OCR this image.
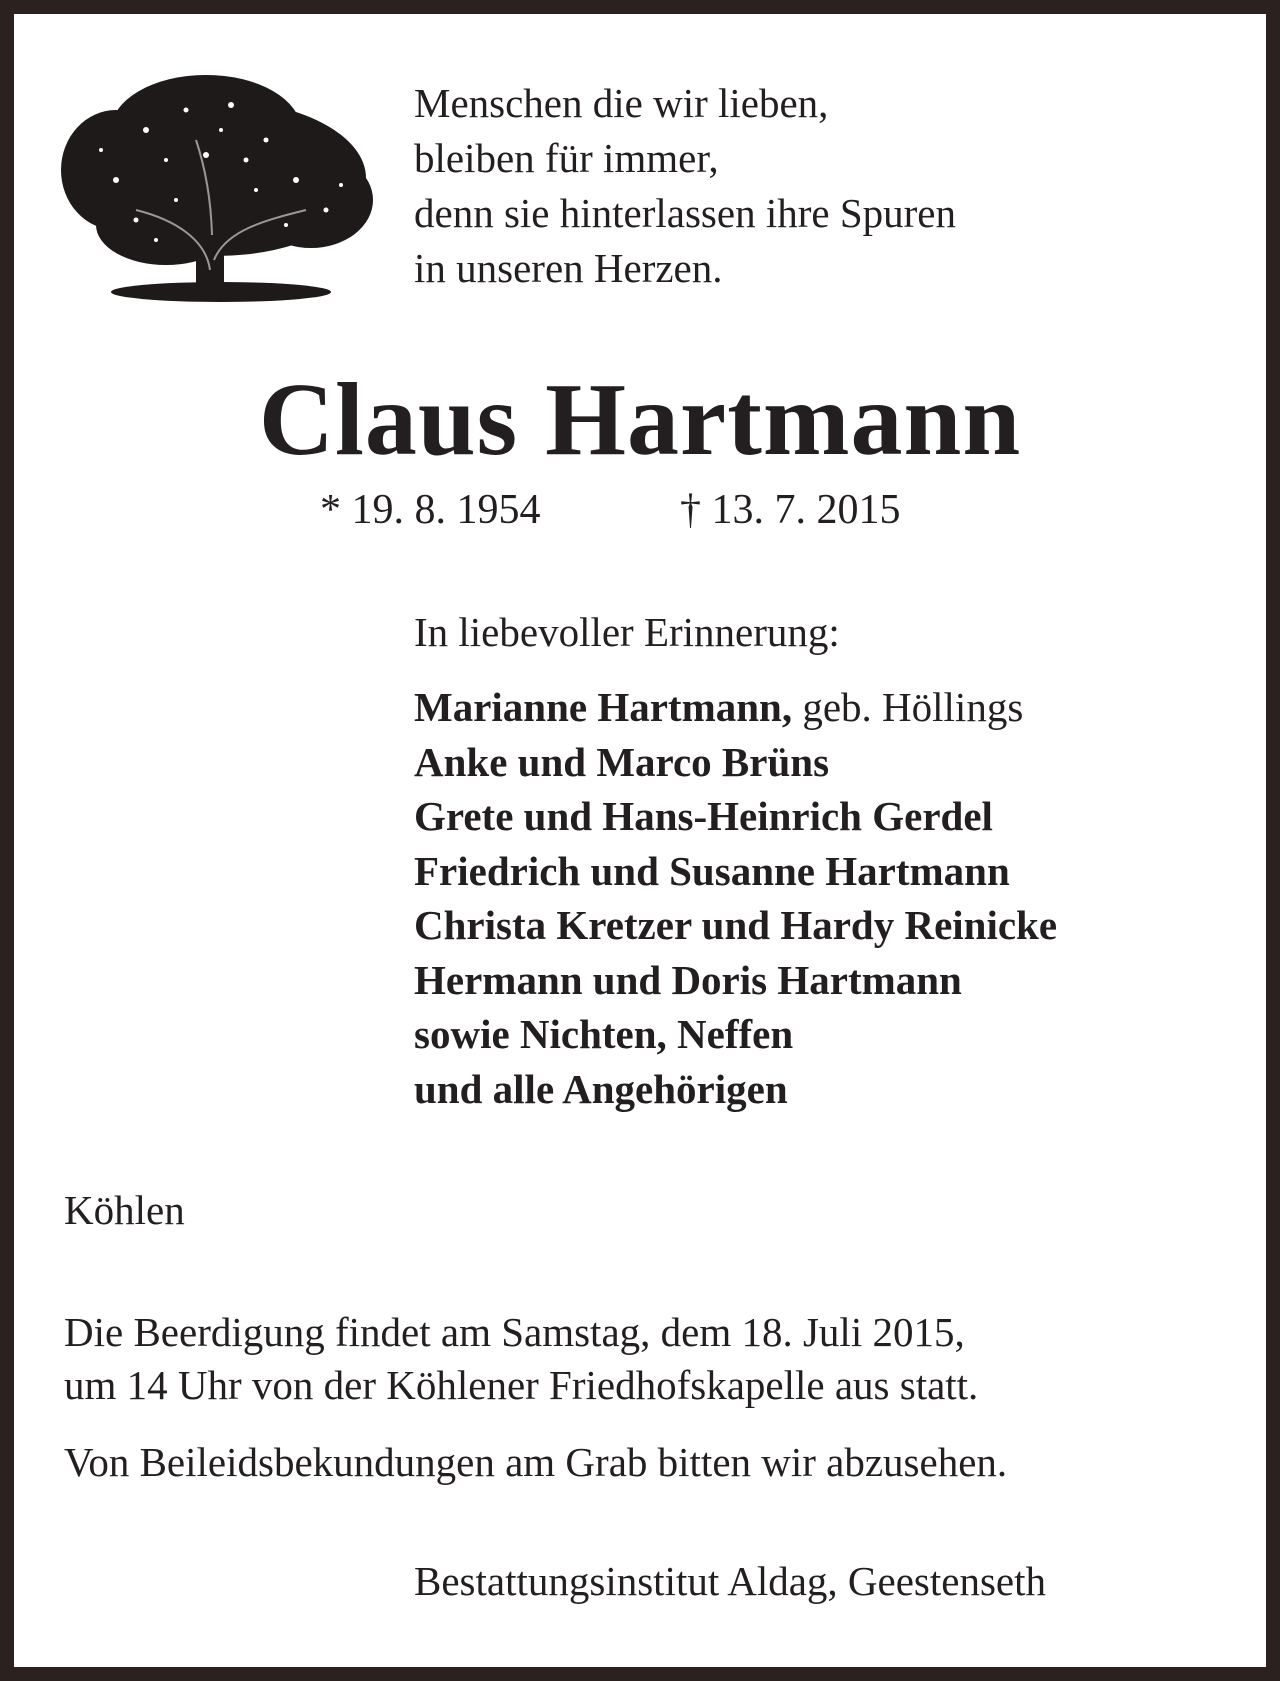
Menschen die wir lieben,
bleiben für immer,
denn sie hinterlassen ihre Spuren
in unseren Herzen.
Claus Hartmann
* 19. 8. 1954	† 13. 7. 2015
In liebevoller Erinnerung:
Marianne Hartmann, geb. Höllings
Anke und Marco Brüns
Grete und Hans-Heinrich Gerdel
Friedrich und Susanne Hartmann
Christa Kretzer und Hardy Reinicke
Hermann und Doris Hartmann
sowie Nichten, Neffen
und alle Angehörigen
Köhlen
Die Beerdigung findet am Samstag, dem 18. Juli 2015,
um 14 Uhr von der Köhlener Friedhofskapelle aus statt.
Von Beileidsbekundungen am Grab bitten wir abzusehen.
Bestattungsinstitut Aldag, Geestenseth
